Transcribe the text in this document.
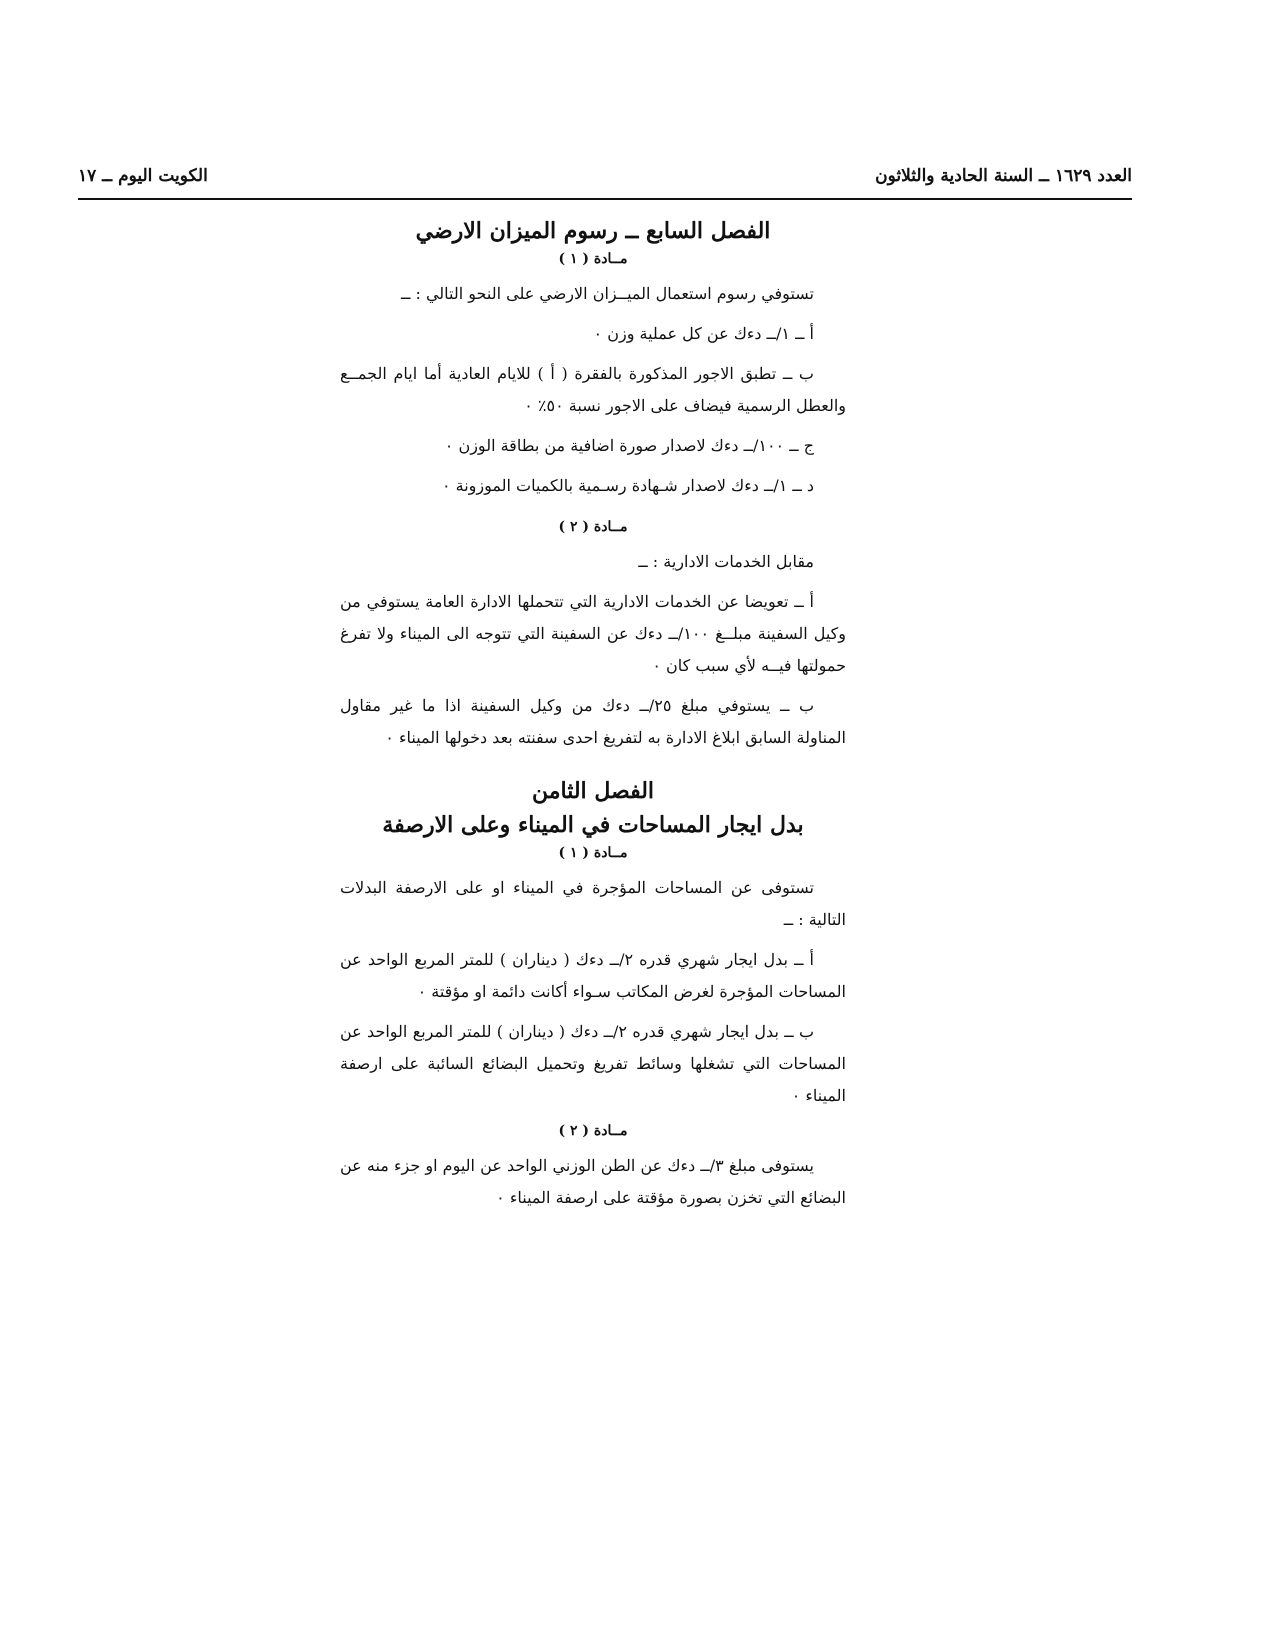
العدد ١٦٢٩ ــ السنة الحادية والثلاثون
الكويت اليوم ــ ١٧
الفصل السابع ــ رسوم الميزان الارضي
مــادة ( ١ )

تستوفي رسوم استعمال الميــزان الارضي على النحو التالي : ــ

أ ــ ١/ــ دءك عن كل عملية وزن ٠

ب ــ تطبق الاجور المذكورة بالفقرة ( أ ) للايام العادية أما ايام الجمــع والعطل الرسمية فيضاف على الاجور نسبة ٥٠٪ ٠

ج ــ ١٠٠/ــ دءك لاصدار صورة اضافية من بطاقة الوزن ٠

د ــ ١/ــ دءك لاصدار شـهادة رسـمية بالكميات الموزونة ٠

مــادة ( ٢ )

مقابل الخدمات الادارية : ــ

أ ــ تعويضا عن الخدمات الادارية التي تتحملها الادارة العامة يستوفي من وكيل السفينة مبلــغ ١٠٠/ــ دءك عن السفينة التي تتوجه الى الميناء ولا تفرغ حمولتها فيــه لأي سبب كان ٠

ب ــ يستوفي مبلغ ٢٥/ــ دءك من وكيل السفينة اذا ما غير مقاول المناولة السابق ابلاغ الادارة به لتفريغ احدى سفنته بعد دخولها الميناء ٠

الفصل الثامن
بدل ايجار المساحات في الميناء وعلى الارصفة
مــادة ( ١ )

تستوفى عن المساحات المؤجرة في الميناء او على الارصفة البدلات التالية : ــ

أ ــ بدل ايجار شهري قدره ٢/ــ دءك ( ديناران ) للمتر المربع الواحد عن المساحات المؤجرة لغرض المكاتب سـواء أكانت دائمة او مؤقتة ٠

ب ــ بدل ايجار شهري قدره ٢/ــ دءك ( ديناران ) للمتر المربع الواحد عن المساحات التي تشغلها وسائط تفريغ وتحميل البضائع السائبة على ارصفة الميناء ٠

مــادة ( ٢ )

يستوفى مبلغ ٣/ــ دءك عن الطن الوزني الواحد عن اليوم او جزء منه عن البضائع التي تخزن بصورة مؤقتة على ارصفة الميناء ٠
